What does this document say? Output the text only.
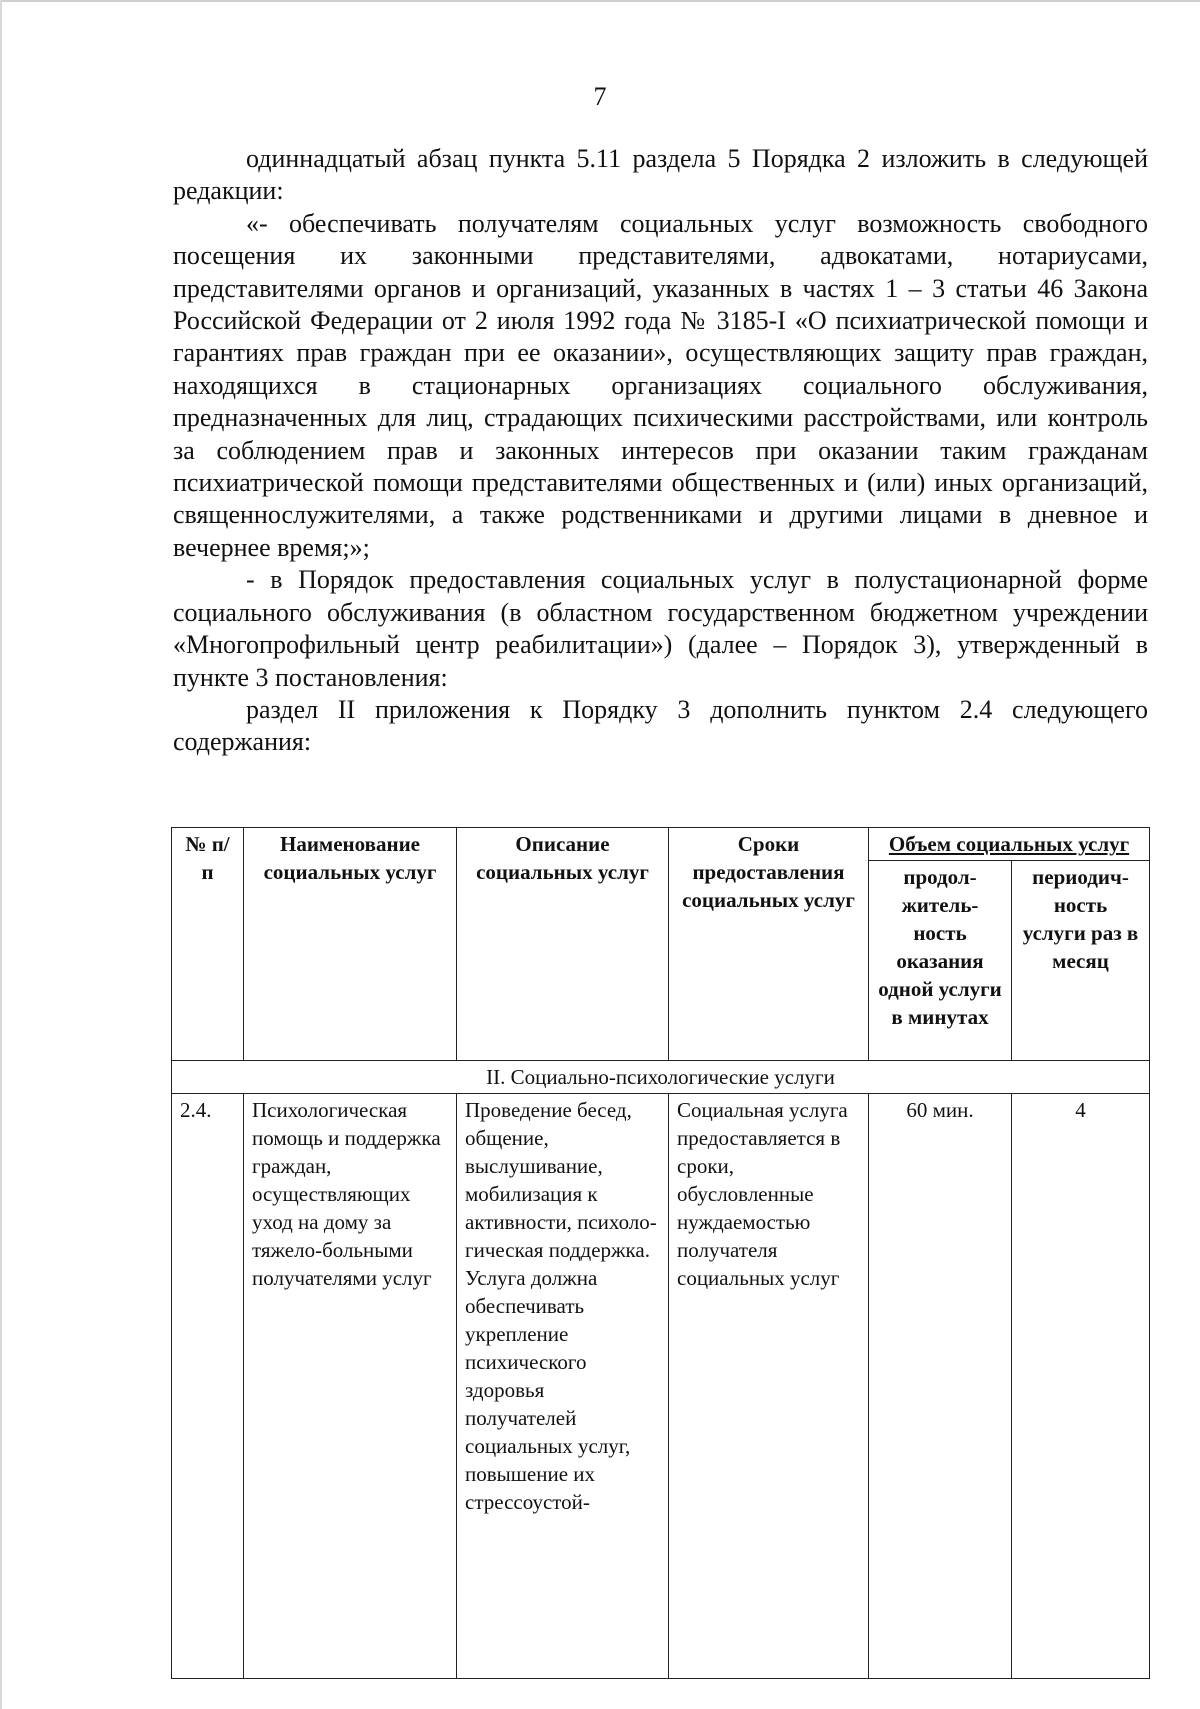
7

одиннадцатый абзац пункта 5.11 раздела 5 Порядка 2 изложить в следующей редакции:

«- обеспечивать получателям социальных услуг возможность свободного посещения их законными представителями, адвокатами, нотариусами, представителями органов и организаций, указанных в частях 1 – 3 статьи 46 Закона Российской Федерации от 2 июля 1992 года № 3185-I «О психиатрической помощи и гарантиях прав граждан при ее оказании», осуществляющих защиту прав граждан, находящихся в стационарных организациях социального обслуживания, предназначенных для лиц, страдающих психическими расстройствами, или контроль за соблюдением прав и законных интересов при оказании таким гражданам психиатрической помощи представителями общественных и (или) иных организаций, священнослужителями, а также родственниками и другими лицами в дневное и вечернее время;»;

- в Порядок предоставления социальных услуг в полустационарной форме социального обслуживания (в областном государственном бюджетном учреждении «Многопрофильный центр реабилитации») (далее – Порядок 3), утвержденный в пункте 3 постановления:

раздел II приложения к Порядку 3 дополнить пунктом 2.4 следующего содержания:

№ п/п	Наименование социальных услуг	Описание социальных услуг	Сроки предоставления социальных услуг	Объем социальных услуг	
				продол-житель-ность оказания одной услуги в минутах	периодич-ность услуги раз в месяц
II. Социально-психологические услуги					
2.4.	Психологическая помощь и поддержка граждан, осуществляющих уход на дому за тяжело-больными получателями услуг	Проведение бесед, общение, выслушивание, мобилизация к активности, психоло-гическая поддержка. Услуга должна обеспечивать укрепление психического здоровья получателей социальных услуг, повышение их стрессоустой-	Социальная услуга предоставляется в сроки, обусловленные нуждаемостью получателя социальных услуг	60 мин.	4
